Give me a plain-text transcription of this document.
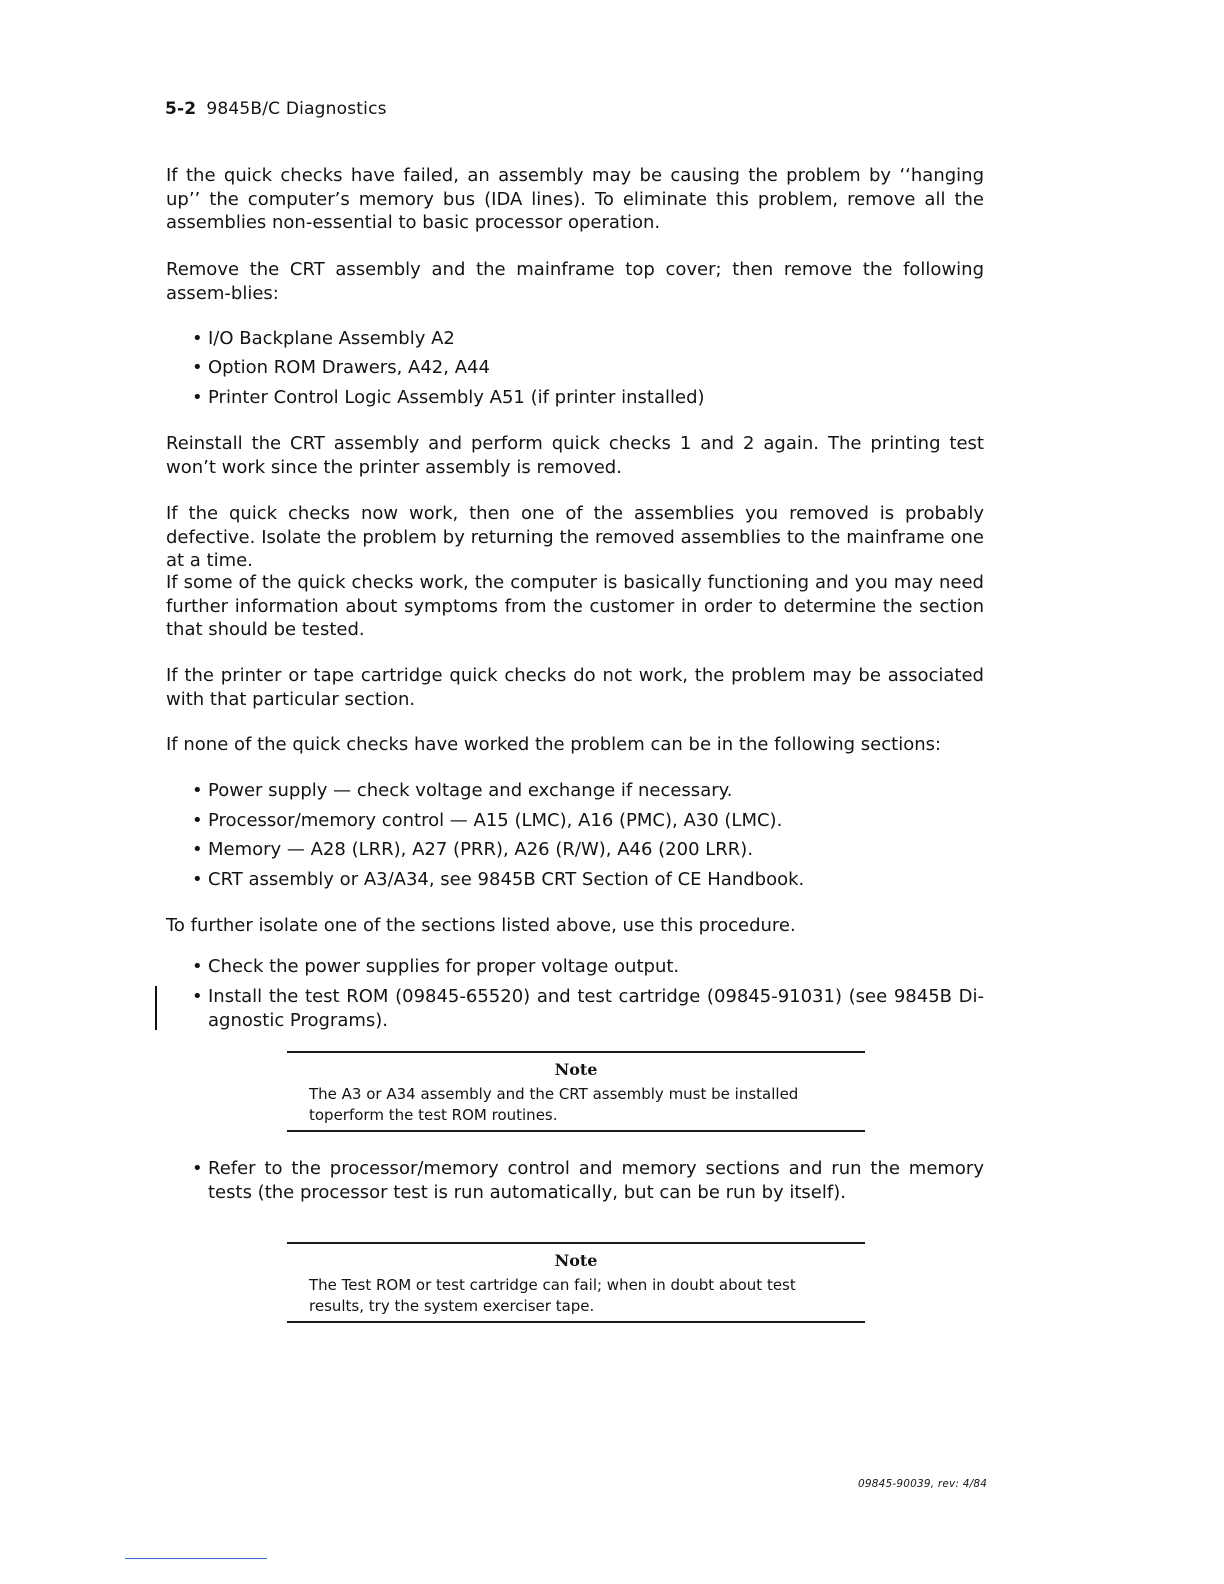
5-2 9845B/C Diagnostics
If the quick checks have failed, an assembly may be causing the problem by ‘‘hanging up’’ the computer’s memory bus (IDA lines). To eliminate this problem, remove all the assemblies non-essential to basic processor operation.
Remove the CRT assembly and the mainframe top cover; then remove the following assem-blies:
• I/O Backplane Assembly A2
• Option ROM Drawers, A42, A44
• Printer Control Logic Assembly A51 (if printer installed)
Reinstall the CRT assembly and perform quick checks 1 and 2 again. The printing test won’t work since the printer assembly is removed.
If the quick checks now work, then one of the assemblies you removed is probably defective. Isolate the problem by returning the removed assemblies to the mainframe one at a time.
If some of the quick checks work, the computer is basically functioning and you may need further information about symptoms from the customer in order to determine the section that should be tested.
If the printer or tape cartridge quick checks do not work, the problem may be associated with that particular section.
If none of the quick checks have worked the problem can be in the following sections:
• Power supply — check voltage and exchange if necessary.
• Processor/memory control — A15 (LMC), A16 (PMC), A30 (LMC).
• Memory — A28 (LRR), A27 (PRR), A26 (R/W), A46 (200 LRR).
• CRT assembly or A3/A34, see 9845B CRT Section of CE Handbook.
To further isolate one of the sections listed above, use this procedure.
• Check the power supplies for proper voltage output.
• Install the test ROM (09845-65520) and test cartridge (09845-91031) (see 9845B Di-agnostic Programs).
Note
The A3 or A34 assembly and the CRT assembly must be installed toperform the test ROM routines.
• Refer to the processor/memory control and memory sections and run the memory tests (the processor test is run automatically, but can be run by itself).
Note
The Test ROM or test cartridge can fail; when in doubt about test results, try the system exerciser tape.
09845-90039, rev: 4/84
